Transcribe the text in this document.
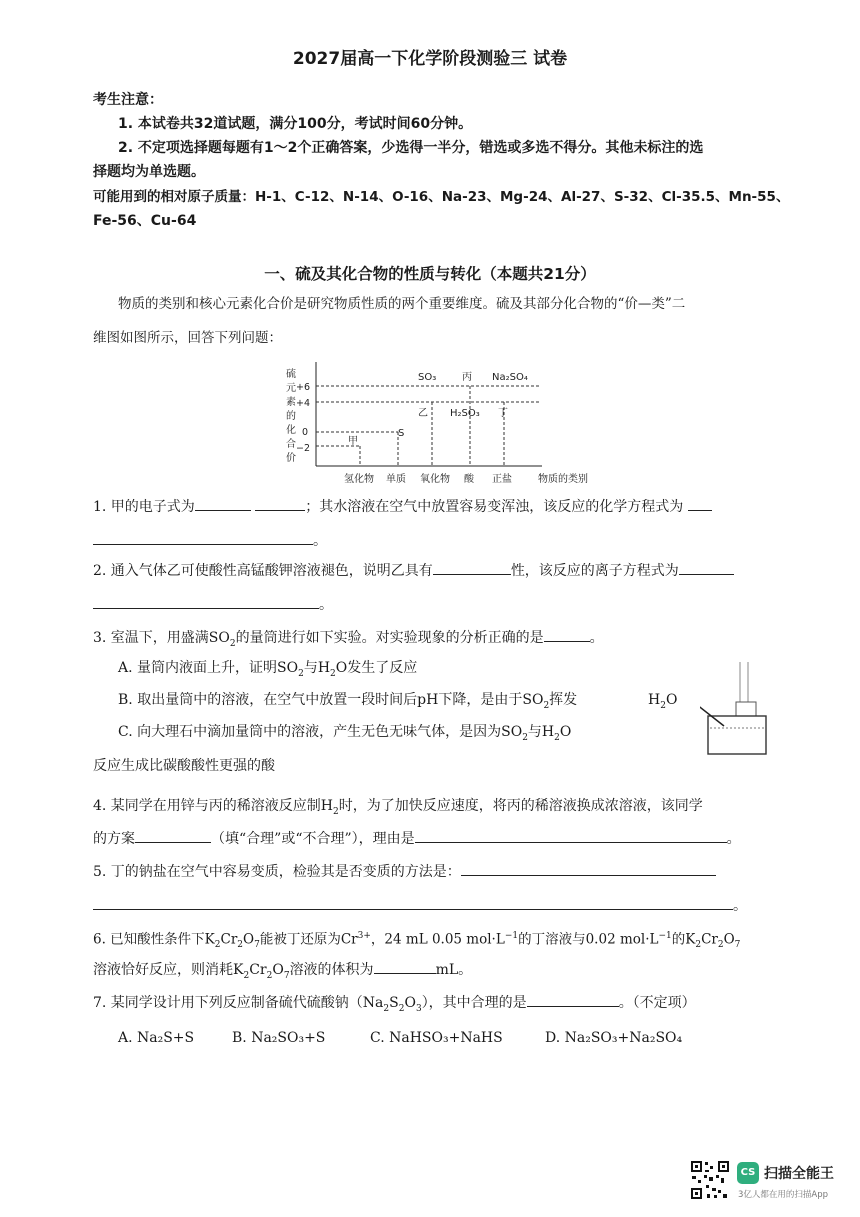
2027届高一下化学阶段测验三 试卷
考生注意：
1. 本试卷共32道试题，满分100分，考试时间60分钟。
2. 不定项选择题每题有1～2个正确答案，少选得一半分，错选或多选不得分。其他未标注的选
择题均为单选题。
可能用到的相对原子质量：H-1、C-12、N-14、O-16、Na-23、Mg-24、Al-27、S-32、Cl-35.5、Mn-55、
Fe-56、Cu-64
一、硫及其化合物的性质与转化（本题共21分）
物质的类别和核心元素化合价是研究物质性质的两个重要维度。硫及其部分化合物的“价—类”二
维图如图所示，回答下列问题：
硫
元
素
的
化
合
价
+6
+4
0
−2
甲
S
SO₃
乙
丙
H₂SO₃
Na₂SO₄
丁
氢化物 单质 氧化物 酸 正盐	物质的类别
1. 甲的电子式为	；其水溶液在空气中放置容易变浑浊，该反应的化学方程式为
。
2. 通入气体乙可使酸性高锰酸钾溶液褪色，说明乙具有	性，该反应的离子方程式为
。
3. 室温下，用盛满$SO_2$的量筒进行如下实验。对实验现象的分析正确的是	。
A. 量筒内液面上升，证明$SO_2$与$H_2O$发生了反应
B. 取出量筒中的溶液，在空气中放置一段时间后pH下降，是由于$SO_2$挥发	$H_2O$
C. 向大理石中滴加量筒中的溶液，产生无色无味气体，是因为$SO_2$与$H_2O$
反应生成比碳酸酸性更强的酸
4. 某同学在用锌与丙的稀溶液反应制$H_2$时，为了加快反应速度，将丙的稀溶液换成浓溶液，该同学
的方案	（填“合理”或“不合理”），理由是	。
5. 丁的钠盐在空气中容易变质，检验其是否变质的方法是：
。
6. 已知酸性条件下$K_2Cr_2O_7$能被丁还原为$Cr^{3+}$，24 mL 0.05 $mol\cdot L^{-1}$的丁溶液与0.02 $mol\cdot L^{-1}$的$K_2Cr_2O_7$
溶液恰好反应，则消耗$K_2Cr_2O_7$溶液的体积为	mL。
7. 某同学设计用下列反应制备硫代硫酸钠$(Na_2S_2O_3)$，其中合理的是	。（不定项）
A. Na₂S+S	B. Na₂SO₃+S	C. NaHSO₃+NaHS	D. Na₂SO₃+Na₂SO₄
CS 扫描全能王
3亿人都在用的扫描App
